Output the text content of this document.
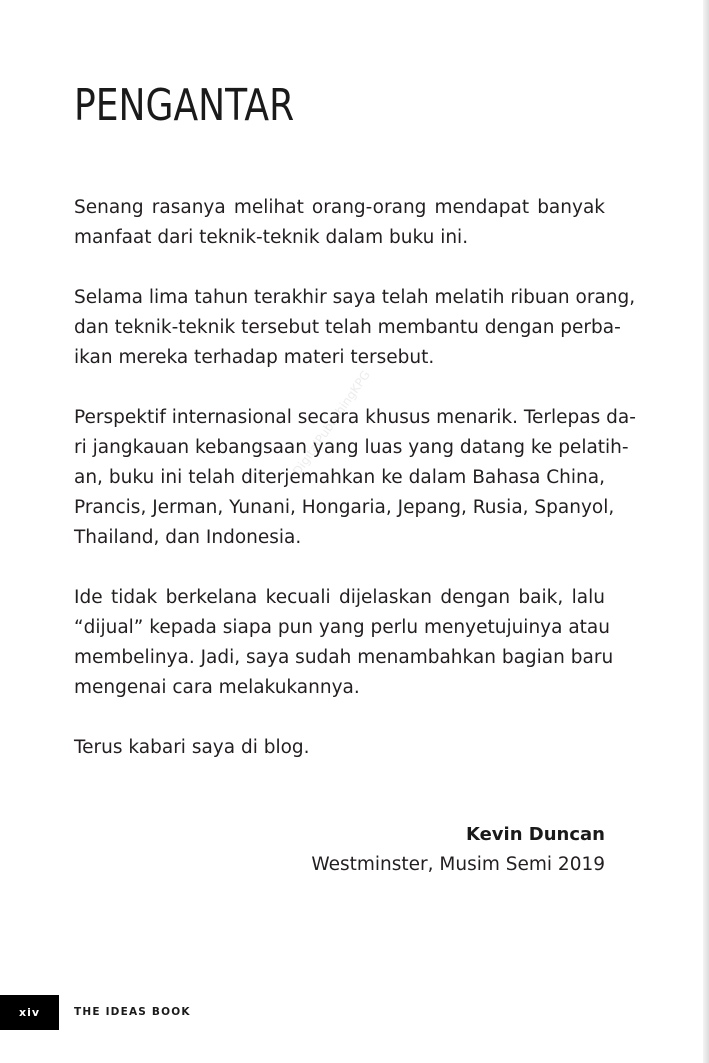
PENGANTAR

Senang rasanya melihat orang-orang mendapat banyak
manfaat dari teknik-teknik dalam buku ini.

Selama lima tahun terakhir saya telah melatih ribuan orang,
dan teknik-teknik tersebut telah membantu dengan perba-
ikan mereka terhadap materi tersebut.

Perspektif internasional secara khusus menarik. Terlepas da-
ri jangkauan kebangsaan yang luas yang datang ke pelatih-
an, buku ini telah diterjemahkan ke dalam Bahasa China,
Prancis, Jerman, Yunani, Hongaria, Jepang, Rusia, Spanyol,
Thailand, dan Indonesia.

Ide tidak berkelana kecuali dijelaskan dengan baik, lalu
“dijual” kepada siapa pun yang perlu menyetujuinya atau
membelinya. Jadi, saya sudah menambahkan bagian baru
mengenai cara melakukannya.

Terus kabari saya di blog.

DigitalPublishingKPG
Kevin Duncan
Westminster, Musim Semi 2019
xiv	THE IDEAS BOOK
